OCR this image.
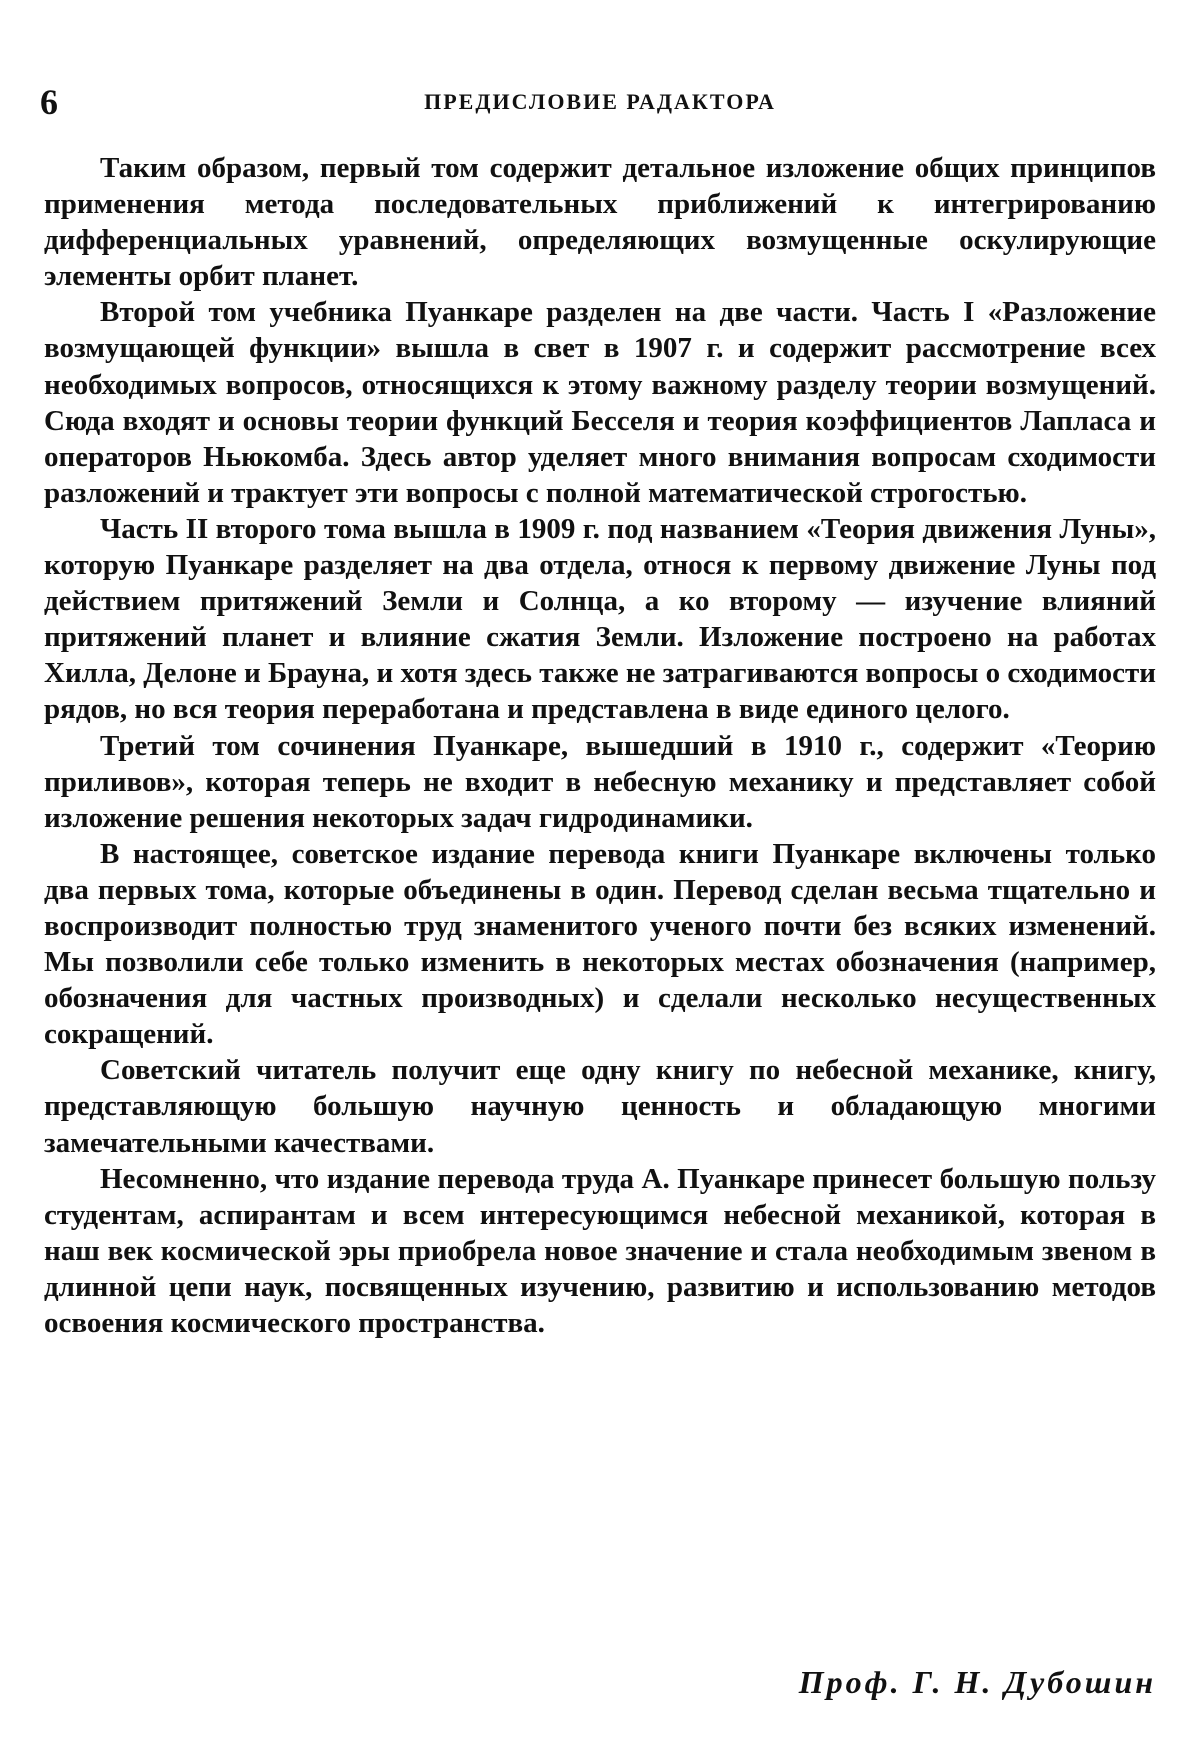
6	ПРЕДИСЛОВИЕ РАДАКТОРА

Таким образом, первый том содержит детальное изложение общих принципов применения метода последовательных приближений к интегрированию дифференциальных уравнений, определяющих возмущенные оскулирующие элементы орбит планет.

Второй том учебника Пуанкаре разделен на две части. Часть I «Разложение возмущающей функции» вышла в свет в 1907 г. и содержит рассмотрение всех необходимых вопросов, относящихся к этому важному разделу теории возмущений. Сюда входят и основы теории функций Бесселя и теория коэффициентов Лапласа и операторов Ньюкомба. Здесь автор уделяет много внимания вопросам сходимости разложений и трактует эти вопросы с полной математической строгостью.

Часть II второго тома вышла в 1909 г. под названием «Теория движения Луны», которую Пуанкаре разделяет на два отдела, относя к первому движение Луны под действием притяжений Земли и Солнца, а ко второму — изучение влияний притяжений планет и влияние сжатия Земли. Изложение построено на работах Хилла, Делоне и Брауна, и хотя здесь также не затрагиваются вопросы о сходимости рядов, но вся теория переработана и представлена в виде единого целого.

Третий том сочинения Пуанкаре, вышедший в 1910 г., содержит «Теорию приливов», которая теперь не входит в небесную механику и представляет собой изложение решения некоторых задач гидродинамики.

В настоящее, советское издание перевода книги Пуанкаре включены только два первых тома, которые объединены в один. Перевод сделан весьма тщательно и воспроизводит полностью труд знаменитого ученого почти без всяких изменений. Мы позволили себе только изменить в некоторых местах обозначения (например, обозначения для частных производных) и сделали несколько несущественных сокращений.

Советский читатель получит еще одну книгу по небесной механике, книгу, представляющую большую научную ценность и обладающую многими замечательными качествами.

Несомненно, что издание перевода труда А. Пуанкаре принесет большую пользу студентам, аспирантам и всем интересующимся небесной механикой, которая в наш век космической эры приобрела новое значение и стала необходимым звеном в длинной цепи наук, посвященных изучению, развитию и использованию методов освоения космического пространства.

Проф. Г. Н. Дубошин
